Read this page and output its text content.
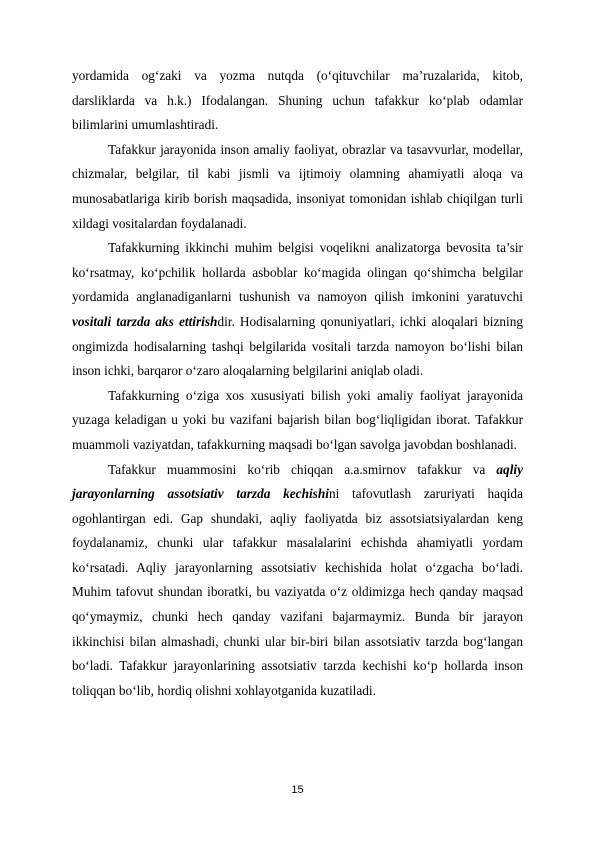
yordamida og‘zaki va yozma nutqda (o‘qituvchilar ma’ruzalarida, kitob, darsliklarda va h.k.) Ifodalangan. Shuning uchun tafakkur ko‘plab odamlar bilimlarini umumlashtiradi.

Tafakkur jarayonida inson amaliy faoliyat, obrazlar va tasavvurlar, modellar, chizmalar, belgilar, til kabi jismli va ijtimoiy olamning ahamiyatli aloqa va munosabatlariga kirib borish maqsadida, insoniyat tomonidan ishlab chiqilgan turli xildagi vositalardan foydalanadi.

Tafakkurning ikkinchi muhim belgisi voqelikni analizatorga bevosita ta’sir ko‘rsatmay, ko‘pchilik hollarda asboblar ko‘magida olingan qo‘shimcha belgilar yordamida anglanadiganlarni tushunish va namoyon qilish imkonini yaratuvchi vositali tarzda aks ettirishdir. Hodisalarning qonuniyatlari, ichki aloqalari bizning ongimizda hodisalarning tashqi belgilarida vositali tarzda namoyon bo‘lishi bilan inson ichki, barqaror o‘zaro aloqalarning belgilarini aniqlab oladi.

Tafakkurning o‘ziga xos xususiyati bilish yoki amaliy faoliyat jarayonida yuzaga keladigan u yoki bu vazifani bajarish bilan bog‘liqligidan iborat. Tafakkur muammoli vaziyatdan, tafakkurning maqsadi bo‘lgan savolga javobdan boshlanadi.

Tafakkur muammosini ko‘rib chiqqan a.a.smirnov tafakkur va aqliy jarayonlarning assotsiativ tarzda kechishini tafovutlash zaruriyati haqida ogohlantirgan edi. Gap shundaki, aqliy faoliyatda biz assotsiatsiyalardan keng foydalanamiz, chunki ular tafakkur masalalarini echishda ahamiyatli yordam ko‘rsatadi. Aqliy jarayonlarning assotsiativ kechishida holat o‘zgacha bo‘ladi. Muhim tafovut shundan iboratki, bu vaziyatda o‘z oldimizga hech qanday maqsad qo‘ymaymiz, chunki hech qanday vazifani bajarmaymiz. Bunda bir jarayon ikkinchisi bilan almashadi, chunki ular bir-biri bilan assotsiativ tarzda bog‘langan bo‘ladi. Tafakkur jarayonlarining assotsiativ tarzda kechishi ko‘p hollarda inson toliqqan bo‘lib, hordiq olishni xohlayotganida kuzatiladi.

15
